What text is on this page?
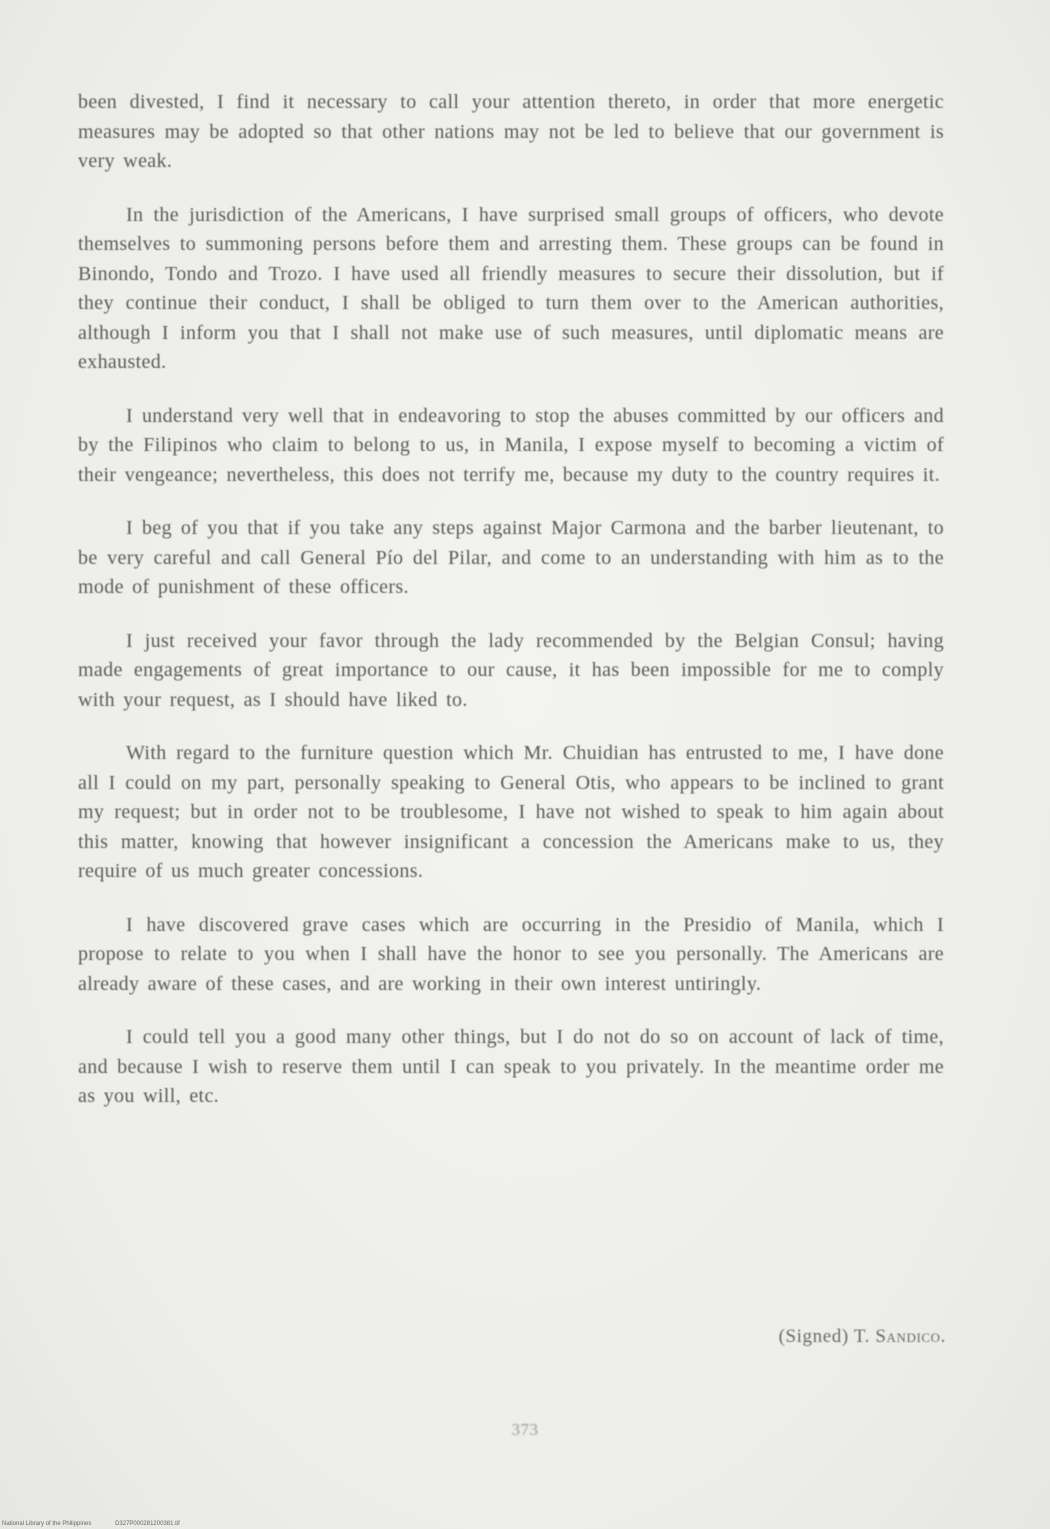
been divested, I find it necessary to call your attention thereto, in order that more energetic measures may be adopted so that other nations may not be led to believe that our government is very weak.

In the jurisdiction of the Americans, I have surprised small groups of officers, who devote themselves to summoning persons before them and arresting them. These groups can be found in Binondo, Tondo and Trozo. I have used all friendly measures to secure their dissolution, but if they continue their conduct, I shall be obliged to turn them over to the American authorities, although I inform you that I shall not make use of such measures, until diplomatic means are exhausted.

I understand very well that in endeavoring to stop the abuses committed by our officers and by the Filipinos who claim to belong to us, in Manila, I expose myself to becoming a victim of their vengeance; nevertheless, this does not terrify me, because my duty to the country requires it.

I beg of you that if you take any steps against Major Carmona and the barber lieutenant, to be very careful and call General Pío del Pilar, and come to an understanding with him as to the mode of punishment of these officers.

I just received your favor through the lady recommended by the Belgian Consul; having made engagements of great importance to our cause, it has been impossible for me to comply with your request, as I should have liked to.

With regard to the furniture question which Mr. Chuidian has entrusted to me, I have done all I could on my part, personally speaking to General Otis, who appears to be inclined to grant my request; but in order not to be troublesome, I have not wished to speak to him again about this matter, knowing that however insignificant a concession the Americans make to us, they require of us much greater concessions.

I have discovered grave cases which are occurring in the Presidio of Manila, which I propose to relate to you when I shall have the honor to see you personally. The Americans are already aware of these cases, and are working in their own interest untiringly.

I could tell you a good many other things, but I do not do so on account of lack of time, and because I wish to reserve them until I can speak to you privately. In the meantime order me as you will, etc.

(Signed) T. Sandico.
373
National Library of the Philippines	D327P000281200381.tif
